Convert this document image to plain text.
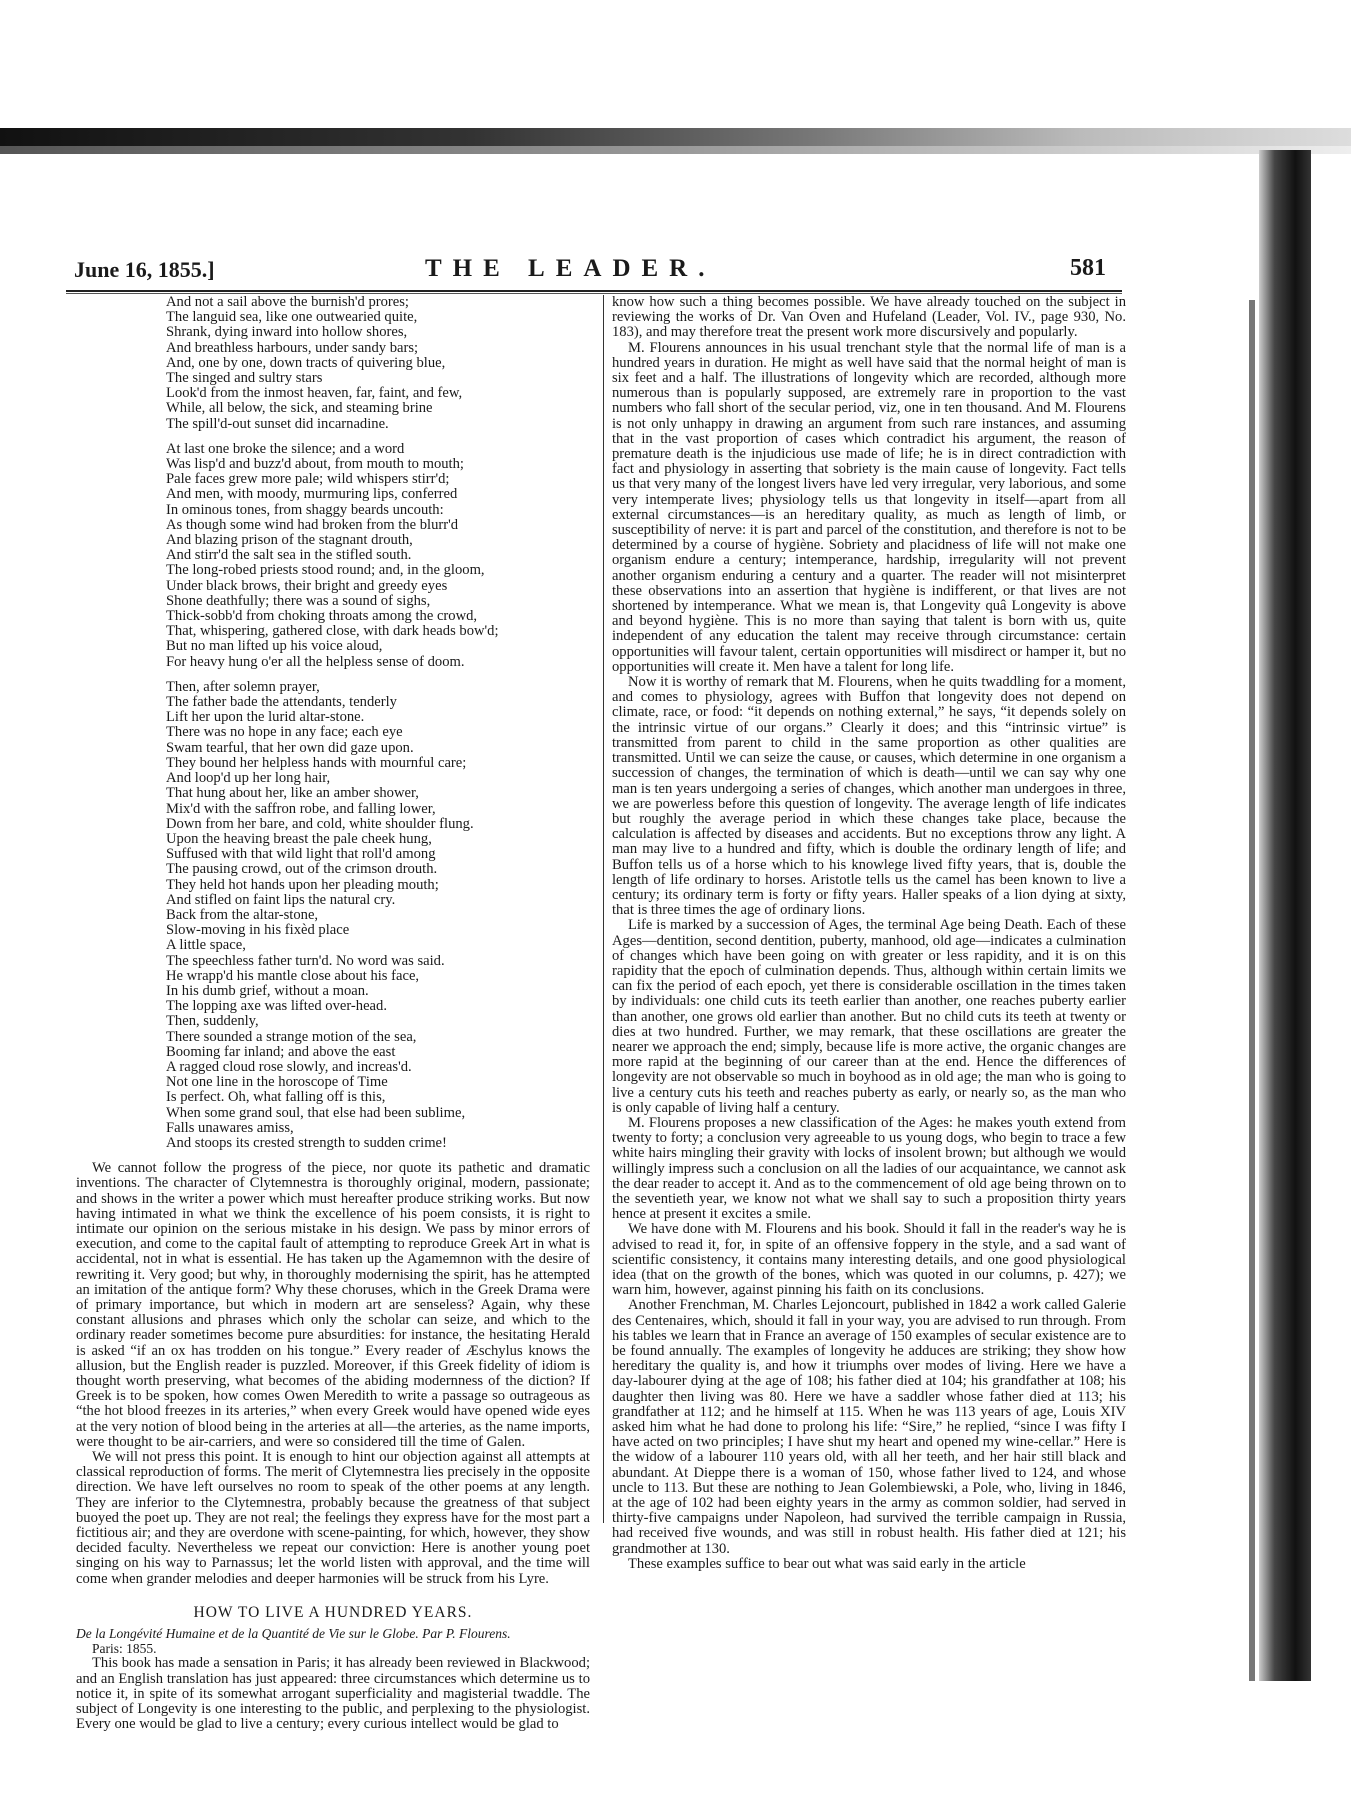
June 16, 1855.]	THE LEADER.	581
And not a sail above the burnish'd prores;
The languid sea, like one outwearied quite,
Shrank, dying inward into hollow shores,
And breathless harbours, under sandy bars;
And, one by one, down tracts of quivering blue,
The singed and sultry stars
Look'd from the inmost heaven, far, faint, and few,
While, all below, the sick, and steaming brine
The spill'd-out sunset did incarnadine.
At last one broke the silence; and a word
Was lisp'd and buzz'd about, from mouth to mouth;
Pale faces grew more pale; wild whispers stirr'd;
And men, with moody, murmuring lips, conferred
In ominous tones, from shaggy beards uncouth:
As though some wind had broken from the blurr'd
And blazing prison of the stagnant drouth,
And stirr'd the salt sea in the stifled south.
The long-robed priests stood round; and, in the gloom,
Under black brows, their bright and greedy eyes
Shone deathfully; there was a sound of sighs,
Thick-sobb'd from choking throats among the crowd,
That, whispering, gathered close, with dark heads bow'd;
But no man lifted up his voice aloud,
For heavy hung o'er all the helpless sense of doom.
Then, after solemn prayer,
The father bade the attendants, tenderly
Lift her upon the lurid altar-stone.
There was no hope in any face; each eye
Swam tearful, that her own did gaze upon.
They bound her helpless hands with mournful care;
And loop'd up her long hair,
That hung about her, like an amber shower,
Mix'd with the saffron robe, and falling lower,
Down from her bare, and cold, white shoulder flung.
Upon the heaving breast the pale cheek hung,
Suffused with that wild light that roll'd among
The pausing crowd, out of the crimson drouth.
They held hot hands upon her pleading mouth;
And stifled on faint lips the natural cry.
Back from the altar-stone,
Slow-moving in his fixèd place
A little space,
The speechless father turn'd. No word was said.
He wrapp'd his mantle close about his face,
In his dumb grief, without a moan.
The lopping axe was lifted over-head.
Then, suddenly,
There sounded a strange motion of the sea,
Booming far inland; and above the east
A ragged cloud rose slowly, and increas'd.
Not one line in the horoscope of Time
Is perfect. Oh, what falling off is this,
When some grand soul, that else had been sublime,
Falls unawares amiss,
And stoops its crested strength to sudden crime!

We cannot follow the progress of the piece, nor quote its pathetic and dramatic inventions. The character of Clytemnestra is thoroughly original, modern, passionate; and shows in the writer a power which must hereafter produce striking works. But now having intimated in what we think the excellence of his poem consists, it is right to intimate our opinion on the serious mistake in his design. We pass by minor errors of execution, and come to the capital fault of attempting to reproduce Greek Art in what is accidental, not in what is essential. He has taken up the Agamemnon with the desire of rewriting it. Very good; but why, in thoroughly modernising the spirit, has he attempted an imitation of the antique form? Why these choruses, which in the Greek Drama were of primary importance, but which in modern art are senseless? Again, why these constant allusions and phrases which only the scholar can seize, and which to the ordinary reader sometimes become pure absurdities: for instance, the hesitating Herald is asked “if an ox has trodden on his tongue.” Every reader of Æschylus knows the allusion, but the English reader is puzzled. Moreover, if this Greek fidelity of idiom is thought worth preserving, what becomes of the abiding modernness of the diction? If Greek is to be spoken, how comes Owen Meredith to write a passage so outrageous as “the hot blood freezes in its arteries,” when every Greek would have opened wide eyes at the very notion of blood being in the arteries at all—the arteries, as the name imports, were thought to be air-carriers, and were so considered till the time of Galen.

We will not press this point. It is enough to hint our objection against all attempts at classical reproduction of forms. The merit of Clytemnestra lies precisely in the opposite direction. We have left ourselves no room to speak of the other poems at any length. They are inferior to the Clytemnestra, probably because the greatness of that subject buoyed the poet up. They are not real; the feelings they express have for the most part a fictitious air; and they are overdone with scene-painting, for which, however, they show decided faculty. Nevertheless we repeat our conviction: Here is another young poet singing on his way to Parnassus; let the world listen with approval, and the time will come when grander melodies and deeper harmonies will be struck from his Lyre.

HOW TO LIVE A HUNDRED YEARS.

De la Longévité Humaine et de la Quantité de Vie sur le Globe. Par P. Flourens.

Paris: 1855.

This book has made a sensation in Paris; it has already been reviewed in Blackwood; and an English translation has just appeared: three circumstances which determine us to notice it, in spite of its somewhat arrogant superficiality and magisterial twaddle. The subject of Longevity is one interesting to the public, and perplexing to the physiologist. Every one would be glad to live a century; every curious intellect would be glad to

know how such a thing becomes possible. We have already touched on the subject in reviewing the works of Dr. Van Oven and Hufeland (Leader, Vol. IV., page 930, No. 183), and may therefore treat the present work more discursively and popularly.

M. Flourens announces in his usual trenchant style that the normal life of man is a hundred years in duration. He might as well have said that the normal height of man is six feet and a half. The illustrations of longevity which are recorded, although more numerous than is popularly supposed, are extremely rare in proportion to the vast numbers who fall short of the secular period, viz, one in ten thousand. And M. Flourens is not only unhappy in drawing an argument from such rare instances, and assuming that in the vast proportion of cases which contradict his argument, the reason of premature death is the injudicious use made of life; he is in direct contradiction with fact and physiology in asserting that sobriety is the main cause of longevity. Fact tells us that very many of the longest livers have led very irregular, very laborious, and some very intemperate lives; physiology tells us that longevity in itself—apart from all external circumstances—is an hereditary quality, as much as length of limb, or susceptibility of nerve: it is part and parcel of the constitution, and therefore is not to be determined by a course of hygiène. Sobriety and placidness of life will not make one organism endure a century; intemperance, hardship, irregularity will not prevent another organism enduring a century and a quarter. The reader will not misinterpret these observations into an assertion that hygiène is indifferent, or that lives are not shortened by intemperance. What we mean is, that Longevity quâ Longevity is above and beyond hygiène. This is no more than saying that talent is born with us, quite independent of any education the talent may receive through circumstance: certain opportunities will favour talent, certain opportunities will misdirect or hamper it, but no opportunities will create it. Men have a talent for long life.

Now it is worthy of remark that M. Flourens, when he quits twaddling for a moment, and comes to physiology, agrees with Buffon that longevity does not depend on climate, race, or food: “it depends on nothing external,” he says, “it depends solely on the intrinsic virtue of our organs.” Clearly it does; and this “intrinsic virtue” is transmitted from parent to child in the same proportion as other qualities are transmitted. Until we can seize the cause, or causes, which determine in one organism a succession of changes, the termination of which is death—until we can say why one man is ten years undergoing a series of changes, which another man undergoes in three, we are powerless before this question of longevity. The average length of life indicates but roughly the average period in which these changes take place, because the calculation is affected by diseases and accidents. But no exceptions throw any light. A man may live to a hundred and fifty, which is double the ordinary length of life; and Buffon tells us of a horse which to his knowlege lived fifty years, that is, double the length of life ordinary to horses. Aristotle tells us the camel has been known to live a century; its ordinary term is forty or fifty years. Haller speaks of a lion dying at sixty, that is three times the age of ordinary lions.

Life is marked by a succession of Ages, the terminal Age being Death. Each of these Ages—dentition, second dentition, puberty, manhood, old age—indicates a culmination of changes which have been going on with greater or less rapidity, and it is on this rapidity that the epoch of culmination depends. Thus, although within certain limits we can fix the period of each epoch, yet there is considerable oscillation in the times taken by individuals: one child cuts its teeth earlier than another, one reaches puberty earlier than another, one grows old earlier than another. But no child cuts its teeth at twenty or dies at two hundred. Further, we may remark, that these oscillations are greater the nearer we approach the end; simply, because life is more active, the organic changes are more rapid at the beginning of our career than at the end. Hence the differences of longevity are not observable so much in boyhood as in old age; the man who is going to live a century cuts his teeth and reaches puberty as early, or nearly so, as the man who is only capable of living half a century.

M. Flourens proposes a new classification of the Ages: he makes youth extend from twenty to forty; a conclusion very agreeable to us young dogs, who begin to trace a few white hairs mingling their gravity with locks of insolent brown; but although we would willingly impress such a conclusion on all the ladies of our acquaintance, we cannot ask the dear reader to accept it. And as to the commencement of old age being thrown on to the seventieth year, we know not what we shall say to such a proposition thirty years hence at present it excites a smile.

We have done with M. Flourens and his book. Should it fall in the reader's way he is advised to read it, for, in spite of an offensive foppery in the style, and a sad want of scientific consistency, it contains many interesting details, and one good physiological idea (that on the growth of the bones, which was quoted in our columns, p. 427); we warn him, however, against pinning his faith on its conclusions.

Another Frenchman, M. Charles Lejoncourt, published in 1842 a work called Galerie des Centenaires, which, should it fall in your way, you are advised to run through. From his tables we learn that in France an average of 150 examples of secular existence are to be found annually. The examples of longevity he adduces are striking; they show how hereditary the quality is, and how it triumphs over modes of living. Here we have a day-labourer dying at the age of 108; his father died at 104; his grandfather at 108; his daughter then living was 80. Here we have a saddler whose father died at 113; his grandfather at 112; and he himself at 115. When he was 113 years of age, Louis XIV asked him what he had done to prolong his life: “Sire,” he replied, “since I was fifty I have acted on two principles; I have shut my heart and opened my wine-cellar.” Here is the widow of a labourer 110 years old, with all her teeth, and her hair still black and abundant. At Dieppe there is a woman of 150, whose father lived to 124, and whose uncle to 113. But these are nothing to Jean Golembiewski, a Pole, who, living in 1846, at the age of 102 had been eighty years in the army as common soldier, had served in thirty-five campaigns under Napoleon, had survived the terrible campaign in Russia, had received five wounds, and was still in robust health. His father died at 121; his grandmother at 130.

These examples suffice to bear out what was said early in the article
